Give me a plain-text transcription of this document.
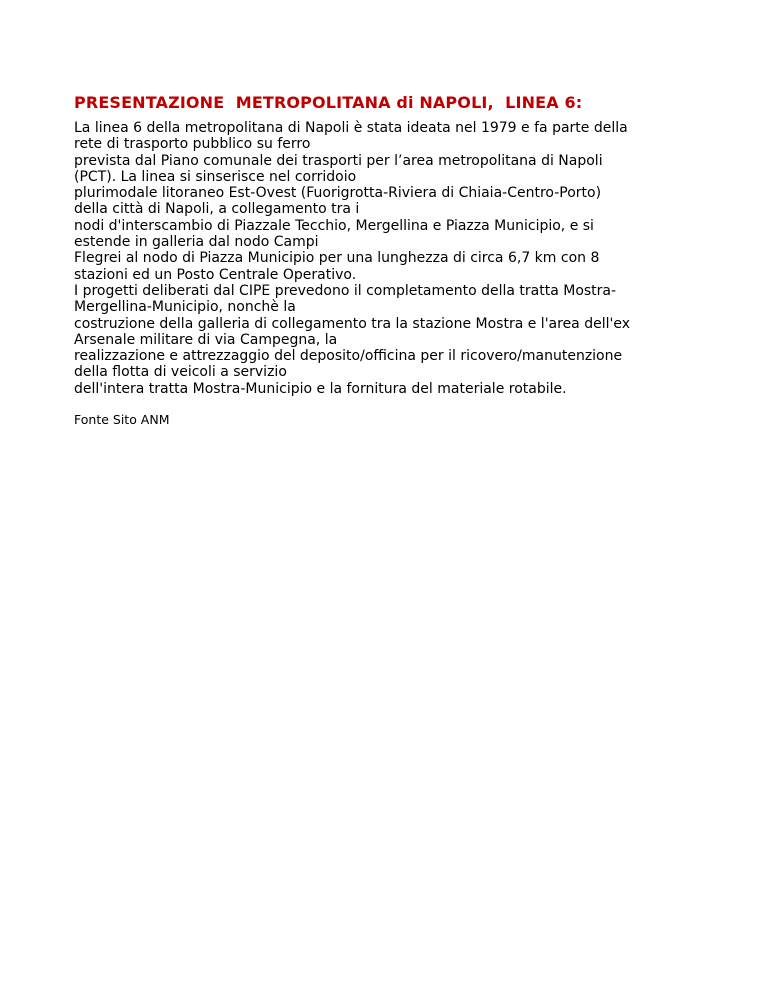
PRESENTAZIONE  METROPOLITANA di NAPOLI,  LINEA 6:
La linea 6 della metropolitana di Napoli è stata ideata nel 1979 e fa parte della
rete di trasporto pubblico su ferro
prevista dal Piano comunale dei trasporti per l’area metropolitana di Napoli
(PCT). La linea si sinserisce nel corridoio
plurimodale litoraneo Est-Ovest (Fuorigrotta-Riviera di Chiaia-Centro-Porto)
della città di Napoli, a collegamento tra i
nodi d'interscambio di Piazzale Tecchio, Mergellina e Piazza Municipio, e si
estende in galleria dal nodo Campi
Flegrei al nodo di Piazza Municipio per una lunghezza di circa 6,7 km con 8
stazioni ed un Posto Centrale Operativo.
I progetti deliberati dal CIPE prevedono il completamento della tratta Mostra-
Mergellina-Municipio, nonchè la
costruzione della galleria di collegamento tra la stazione Mostra e l'area dell'ex
Arsenale militare di via Campegna, la
realizzazione e attrezzaggio del deposito/officina per il ricovero/manutenzione
della flotta di veicoli a servizio
dell'intera tratta Mostra-Municipio e la fornitura del materiale rotabile.
Fonte Sito ANM
